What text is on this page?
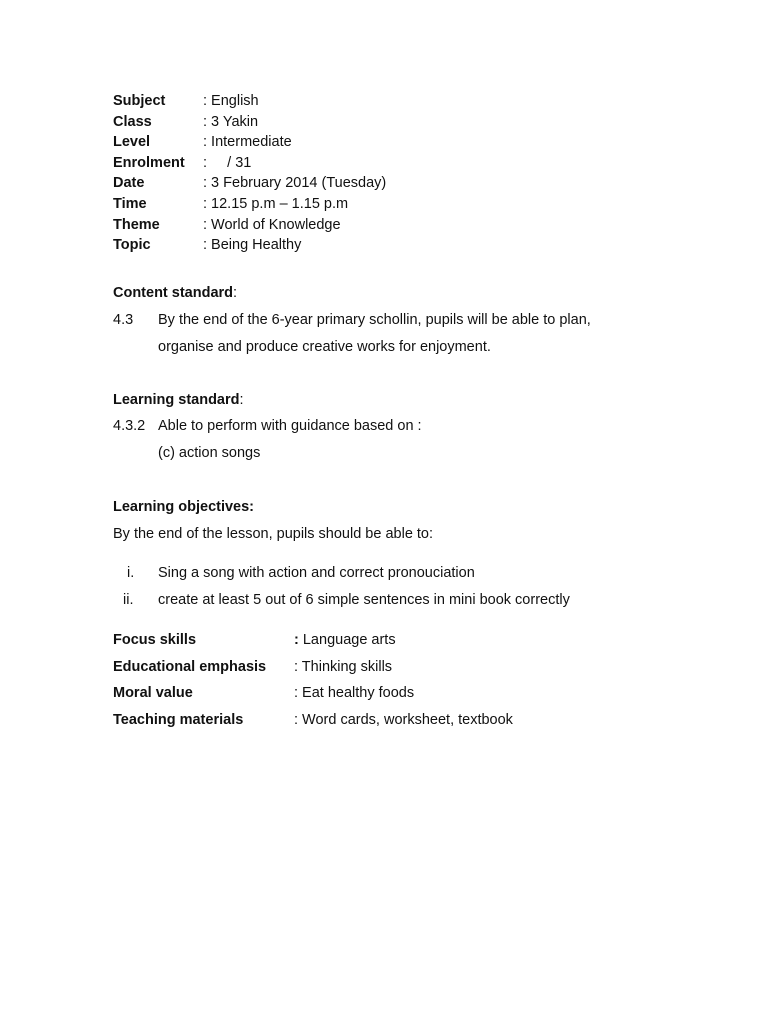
Subject	: English
Class	: 3 Yakin
Level	: Intermediate
Enrolment	:     / 31
Date	: 3 February 2014 (Tuesday)
Time	: 12.15 p.m – 1.15 p.m
Theme	: World of Knowledge
Topic	: Being Healthy
Content standard:
4.3 By the end of the 6-year primary schollin, pupils will be able to plan,
organise and produce creative works for enjoyment.
Learning standard:
4.3.2 Able to perform with guidance based on :
(c) action songs
Learning objectives:
By the end of the lesson, pupils should be able to:
i. Sing a song with action and correct pronouciation
ii. create at least 5 out of 6 simple sentences in mini book correctly
Focus skills	: Language arts
Educational emphasis	: Thinking skills
Moral value	: Eat healthy foods
Teaching materials	: Word cards, worksheet, textbook
